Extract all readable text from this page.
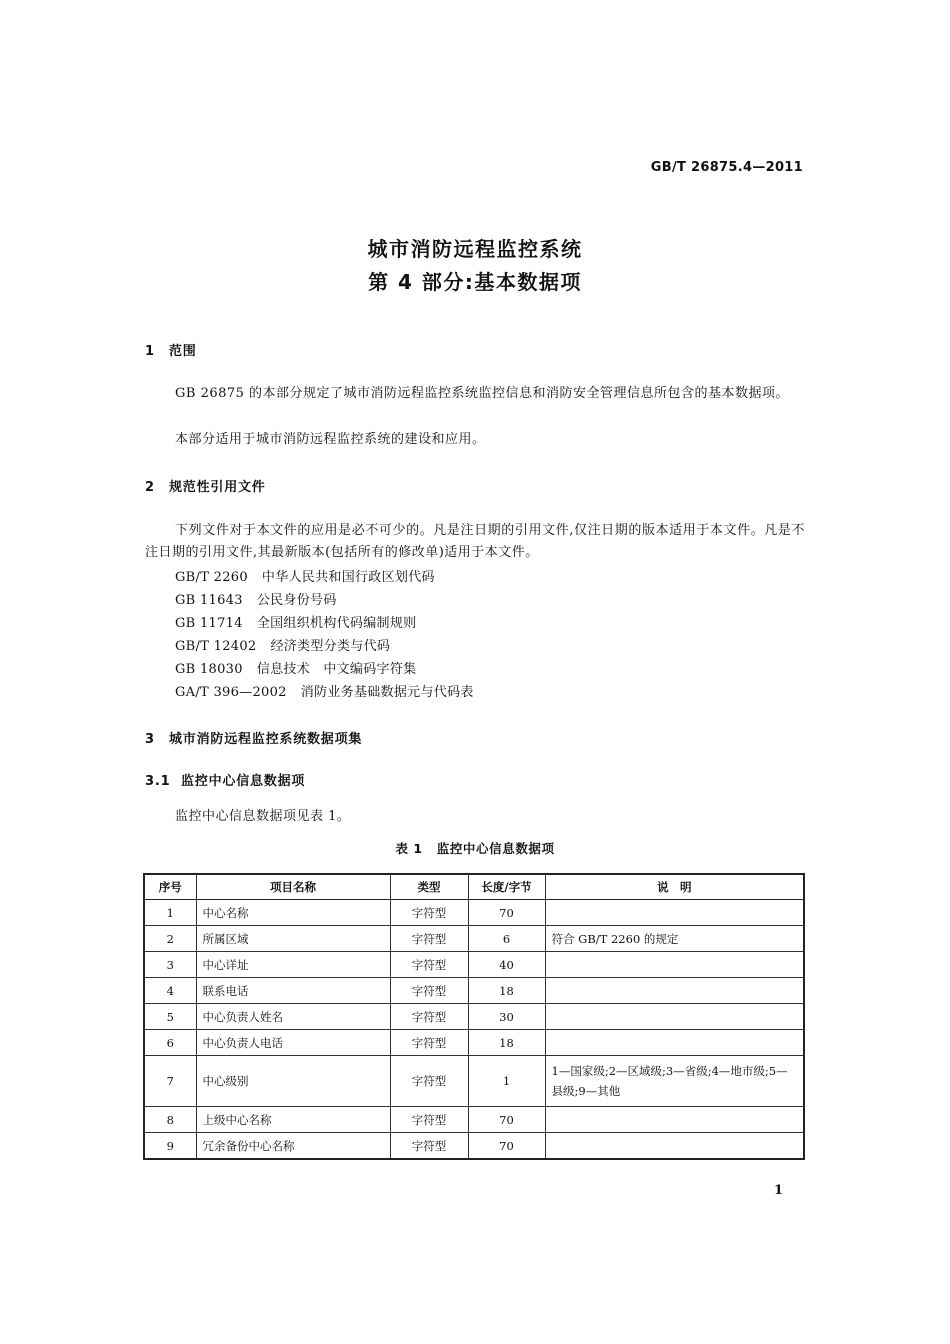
GB/T 26875.4—2011
城市消防远程监控系统
第 4 部分:基本数据项
1 范围
GB 26875 的本部分规定了城市消防远程监控系统监控信息和消防安全管理信息所包含的基本数据项。
本部分适用于城市消防远程监控系统的建设和应用。
2 规范性引用文件
下列文件对于本文件的应用是必不可少的。凡是注日期的引用文件,仅注日期的版本适用于本文件。凡是不注日期的引用文件,其最新版本(包括所有的修改单)适用于本文件。
GB/T 2260 中华人民共和国行政区划代码
GB 11643 公民身份号码
GB 11714 全国组织机构代码编制规则
GB/T 12402 经济类型分类与代码
GB 18030 信息技术　中文编码字符集
GA/T 396—2002 消防业务基础数据元与代码表
3 城市消防远程监控系统数据项集
3.1 监控中心信息数据项
监控中心信息数据项见表 1。
表 1 监控中心信息数据项
序号	项目名称	类型	长度/字节	说　明
1	中心名称	字符型	70	
2	所属区域	字符型	6	符合 GB/T 2260 的规定
3	中心详址	字符型	40	
4	联系电话	字符型	18	
5	中心负责人姓名	字符型	30	
6	中心负责人电话	字符型	18	
7	中心级别	字符型	1	1—国家级;2—区域级;3—省级;4—地市级;5—县级;9—其他
8	上级中心名称	字符型	70	
9	冗余备份中心名称	字符型	70	
1
